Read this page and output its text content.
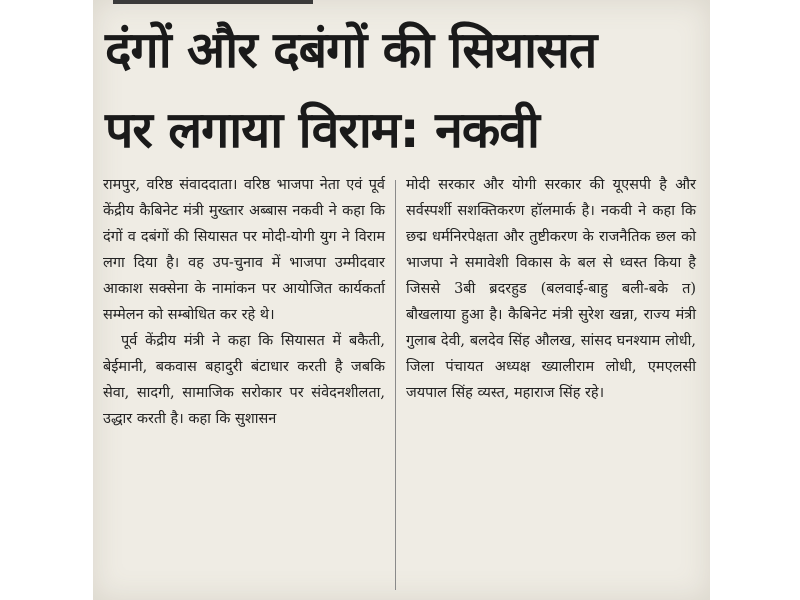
दंगों और दबंगों की सियासत
पर लगाया विराम: नकवी

रामपुर, वरिष्ठ संवाददाता। वरिष्ठ भाजपा नेता एवं पूर्व केंद्रीय कैबिनेट मंत्री मुख्तार अब्बास नकवी ने कहा कि दंगों व दबंगों की सियासत पर मोदी-योगी युग ने विराम लगा दिया है। वह उप-चुनाव में भाजपा उम्मीदवार आकाश सक्सेना के नामांकन पर आयोजित कार्यकर्ता सम्मेलन को सम्बोधित कर रहे थे।

पूर्व केंद्रीय मंत्री ने कहा कि सियासत में बकैती, बेईमानी, बकवास बहादुरी बंटाधार करती है जबकि सेवा, सादगी, सामाजिक सरोकार पर संवेदनशीलता, उद्धार करती है। कहा कि सुशासन

मोदी सरकार और योगी सरकार की यूएसपी है और सर्वस्पर्शी सशक्तिकरण हॉलमार्क है। नकवी ने कहा कि छद्म धर्मनिरपेक्षता और तुष्टीकरण के राजनैतिक छल को भाजपा ने समावेशी विकास के बल से ध्वस्त किया है जिससे 3बी ब्रदरहुड (बलवाई-बाहु बली-बके त) बौखलाया हुआ है। कैबिनेट मंत्री सुरेश खन्ना, राज्य मंत्री गुलाब देवी, बलदेव सिंह औलख, सांसद घनश्याम लोधी, जिला पंचायत अध्यक्ष ख्यालीराम लोधी, एमएलसी जयपाल सिंह व्यस्त, महाराज सिंह रहे।
